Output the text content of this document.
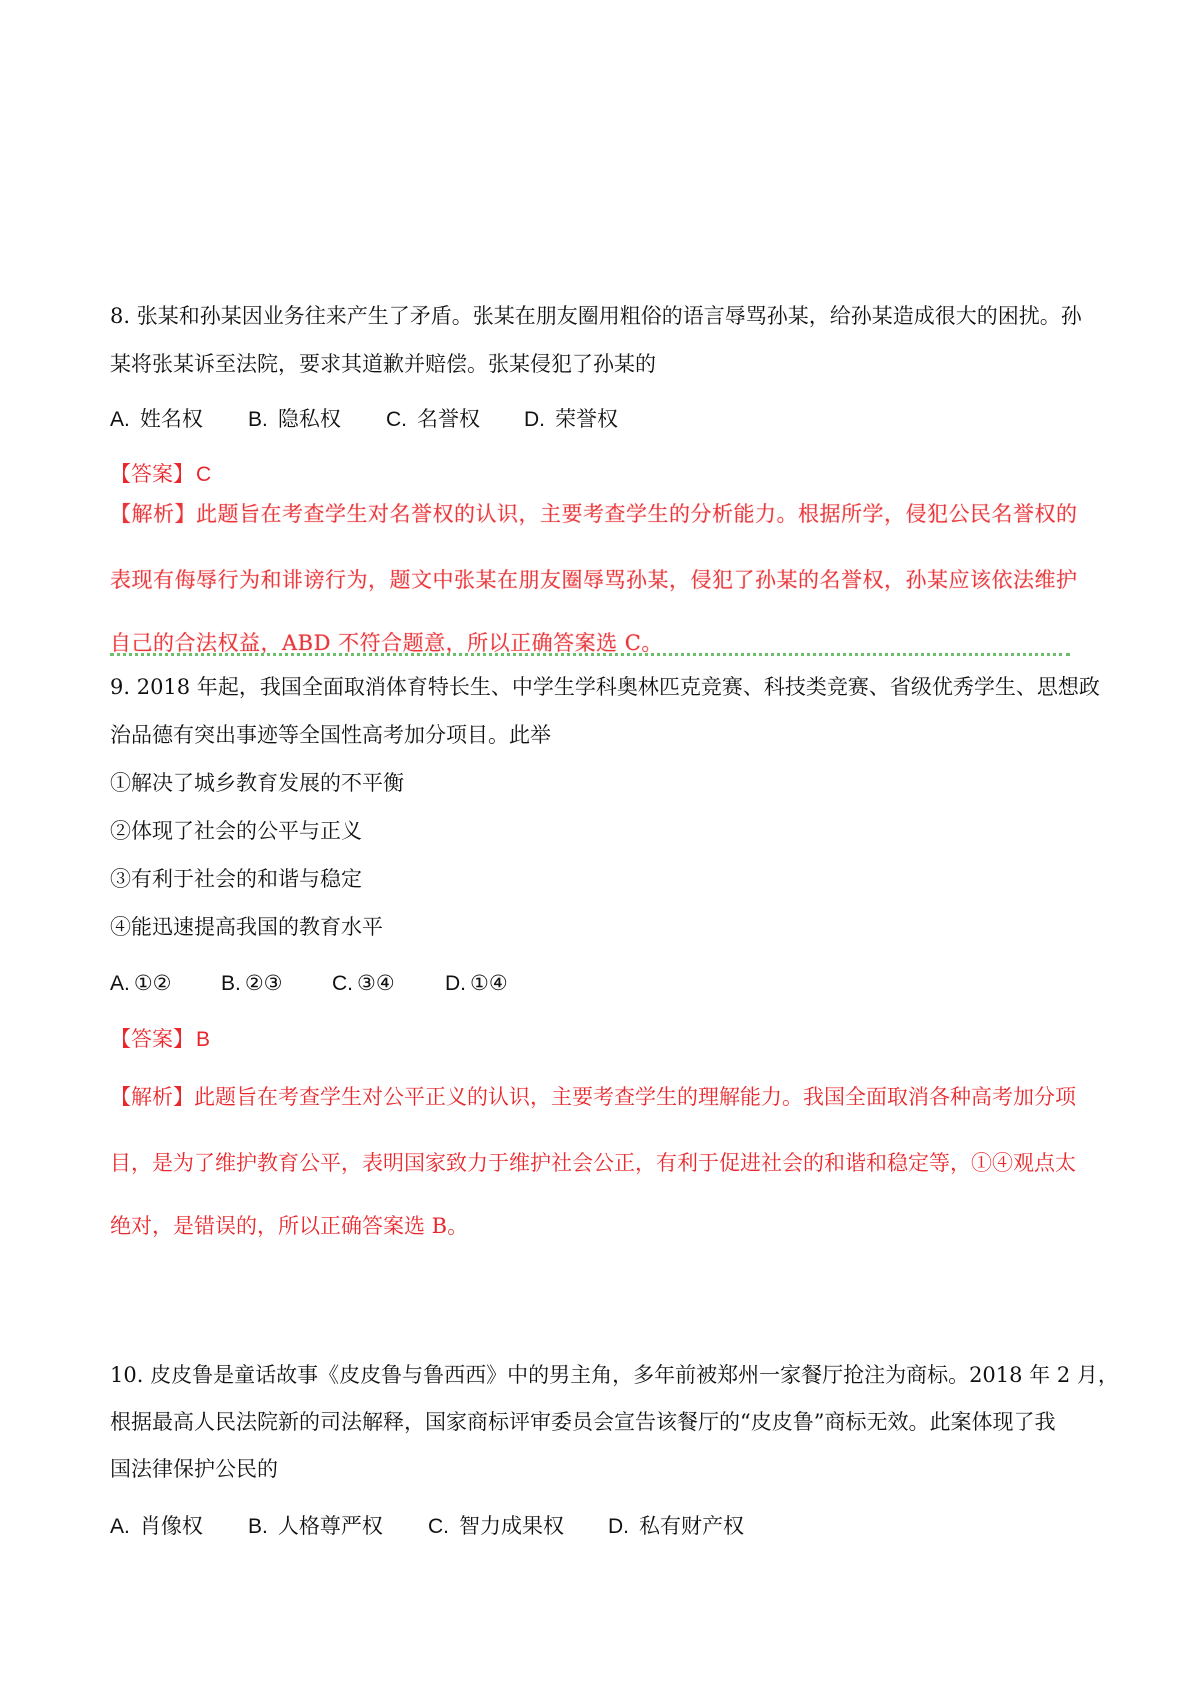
8. 张某和孙某因业务往来产生了矛盾。张某在朋友圈用粗俗的语言辱骂孙某，给孙某造成很大的困扰。孙
某将张某诉至法院，要求其道歉并赔偿。张某侵犯了孙某的
A. 姓名权	B. 隐私权	C. 名誉权	D. 荣誉权
【答案】C
【解析】此题旨在考查学生对名誉权的认识，主要考查学生的分析能力。根据所学，侵犯公民名誉权的
表现有侮辱行为和诽谤行为，题文中张某在朋友圈辱骂孙某，侵犯了孙某的名誉权，孙某应该依法维护
自己的合法权益，ABD 不符合题意，所以正确答案选 C。
9. 2018 年起，我国全面取消体育特长生、中学生学科奥林匹克竞赛、科技类竞赛、省级优秀学生、思想政
治品德有突出事迹等全国性高考加分项目。此举
①解决了城乡教育发展的不平衡
②体现了社会的公平与正义
③有利于社会的和谐与稳定
④能迅速提高我国的教育水平
A. ①②	B. ②③	C. ③④	D. ①④
【答案】B
【解析】此题旨在考查学生对公平正义的认识，主要考查学生的理解能力。我国全面取消各种高考加分项
目，是为了维护教育公平，表明国家致力于维护社会公正，有利于促进社会的和谐和稳定等，①④观点太
绝对，是错误的，所以正确答案选 B。
10. 皮皮鲁是童话故事《皮皮鲁与鲁西西》中的男主角，多年前被郑州一家餐厅抢注为商标。2018 年 2 月，
根据最高人民法院新的司法解释，国家商标评审委员会宣告该餐厅的“皮皮鲁”商标无效。此案体现了我
国法律保护公民的
A. 肖像权	B. 人格尊严权	C. 智力成果权	D. 私有财产权
